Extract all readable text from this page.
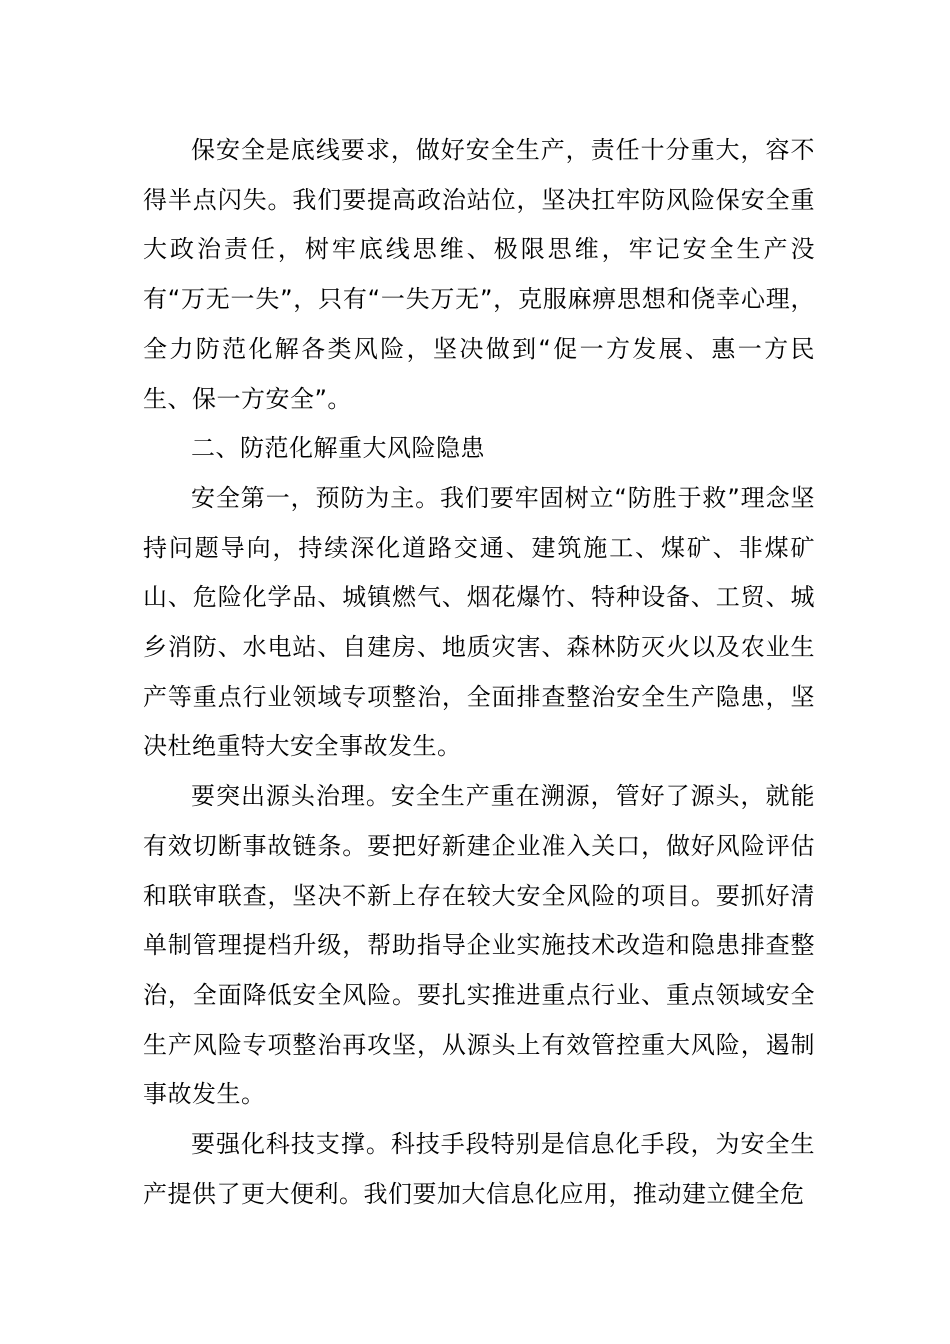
保安全是底线要求，做好安全生产，责任十分重大，容不得半点闪失。我们要提高政治站位，坚决扛牢防风险保安全重大政治责任，树牢底线思维、极限思维，牢记安全生产没有“万无一失”，只有“一失万无”，克服麻痹思想和侥幸心理，全力防范化解各类风险，坚决做到“促一方发展、惠一方民生、保一方安全”。

二、防范化解重大风险隐患

安全第一，预防为主。我们要牢固树立“防胜于救”理念坚持问题导向，持续深化道路交通、建筑施工、煤矿、非煤矿山、危险化学品、城镇燃气、烟花爆竹、特种设备、工贸、城乡消防、水电站、自建房、地质灾害、森林防灭火以及农业生产等重点行业领域专项整治，全面排查整治安全生产隐患，坚决杜绝重特大安全事故发生。

要突出源头治理。安全生产重在溯源，管好了源头，就能有效切断事故链条。要把好新建企业准入关口，做好风险评估和联审联查，坚决不新上存在较大安全风险的项目。要抓好清单制管理提档升级，帮助指导企业实施技术改造和隐患排查整治，全面降低安全风险。要扎实推进重点行业、重点领域安全生产风险专项整治再攻坚，从源头上有效管控重大风险，遏制事故发生。

要强化科技支撑。科技手段特别是信息化手段，为安全生产提供了更大便利。我们要加大信息化应用，推动建立健全危
